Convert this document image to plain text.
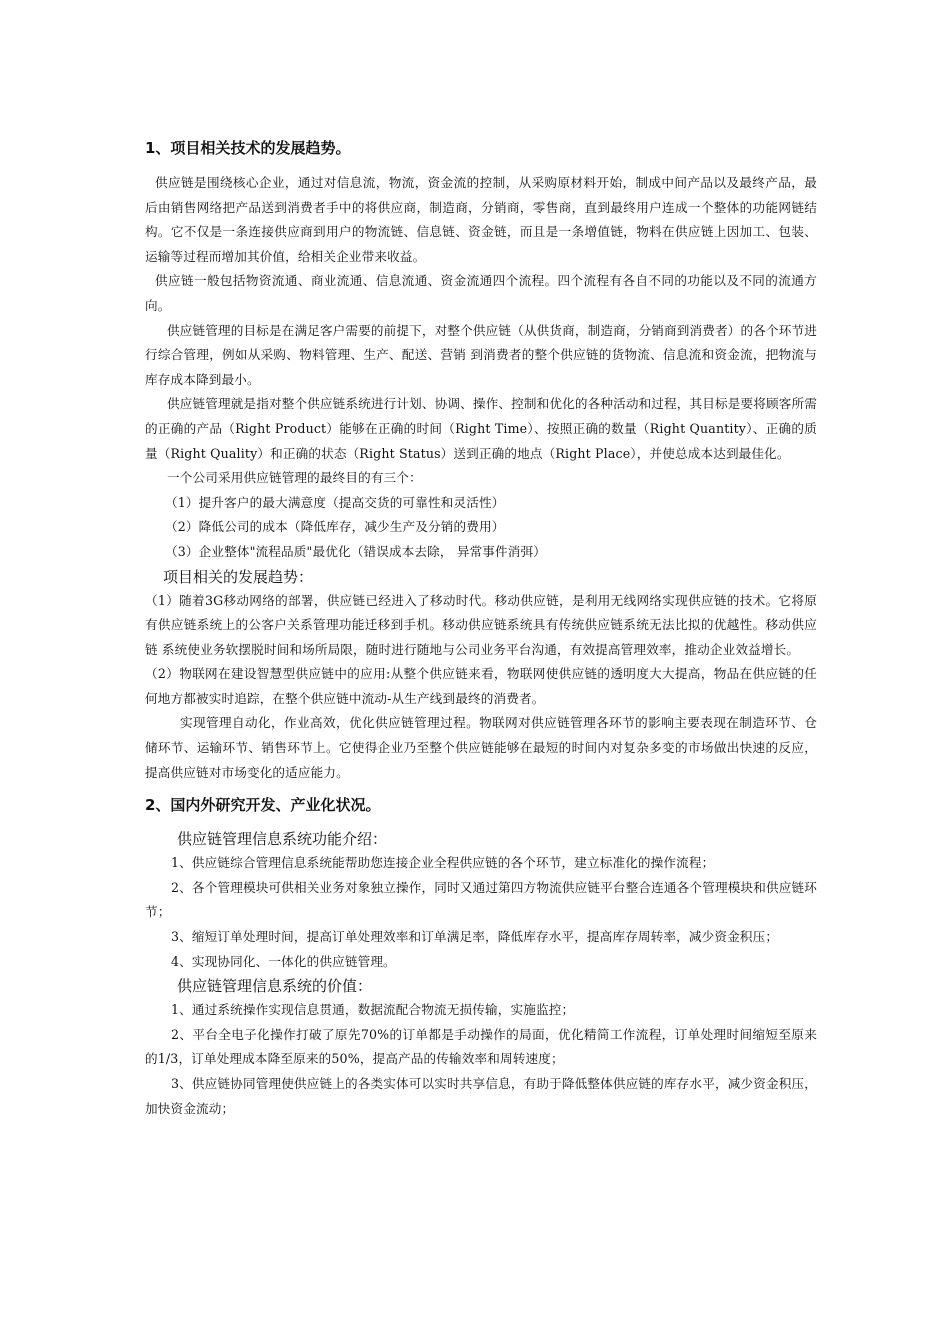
1、项目相关技术的发展趋势。

供应链是围绕核心企业，通过对信息流，物流，资金流的控制，从采购原材料开始，制成中间产品以及最终产品，最后由销售网络把产品送到消费者手中的将供应商，制造商，分销商，零售商，直到最终用户连成一个整体的功能网链结构。它不仅是一条连接供应商到用户的物流链、信息链、资金链，而且是一条增值链，物料在供应链上因加工、包装、运输等过程而增加其价值，给相关企业带来收益。

供应链一般包括物资流通、商业流通、信息流通、资金流通四个流程。四个流程有各自不同的功能以及不同的流通方向。

供应链管理的目标是在满足客户需要的前提下，对整个供应链（从供货商，制造商，分销商到消费者）的各个环节进行综合管理，例如从采购、物料管理、生产、配送、营销 到消费者的整个供应链的货物流、信息流和资金流，把物流与库存成本降到最小。

供应链管理就是指对整个供应链系统进行计划、协调、操作、控制和优化的各种活动和过程，其目标是要将顾客所需的正确的产品（Right Product）能够在正确的时间（Right Time）、按照正确的数量（Right Quantity）、正确的质量（Right Quality）和正确的状态（Right Status）送到正确的地点（Right Place），并使总成本达到最佳化。

一个公司采用供应链管理的最终目的有三个：

（1）提升客户的最大满意度（提高交货的可靠性和灵活性）

（2）降低公司的成本（降低库存，减少生产及分销的费用）

（3）企业整体"流程品质"最优化（错误成本去除， 异常事件消弭）

项目相关的发展趋势：

（1）随着3G移动网络的部署，供应链已经进入了移动时代。移动供应链，是利用无线网络实现供应链的技术。它将原有供应链系统上的公客户关系管理功能迁移到手机。移动供应链系统具有传统供应链系统无法比拟的优越性。移动供应链 系统使业务软摆脱时间和场所局限，随时进行随地与公司业务平台沟通，有效提高管理效率，推动企业效益增长。

（2）物联网在建设智慧型供应链中的应用:从整个供应链来看，物联网使供应链的透明度大大提高，物品在供应链的任何地方都被实时追踪，在整个供应链中流动-从生产线到最终的消费者。

实现管理自动化，作业高效，优化供应链管理过程。物联网对供应链管理各环节的影响主要表现在制造环节、仓储环节、运输环节、销售环节上。它使得企业乃至整个供应链能够在最短的时间内对复杂多变的市场做出快速的反应，提高供应链对市场变化的适应能力。

2、国内外研究开发、产业化状况。

供应链管理信息系统功能介绍：

1、供应链综合管理信息系统能帮助您连接企业全程供应链的各个环节，建立标准化的操作流程；

2、各个管理模块可供相关业务对象独立操作，同时又通过第四方物流供应链平台整合连通各个管理模块和供应链环节；

3、缩短订单处理时间，提高订单处理效率和订单满足率，降低库存水平，提高库存周转率，减少资金积压；

4、实现协同化、一体化的供应链管理。

供应链管理信息系统的价值：

1、通过系统操作实现信息贯通，数据流配合物流无损传输，实施监控；

2、平台全电子化操作打破了原先70%的订单都是手动操作的局面，优化精简工作流程，订单处理时间缩短至原来的1/3，订单处理成本降至原来的50%，提高产品的传输效率和周转速度；

3、供应链协同管理使供应链上的各类实体可以实时共享信息，有助于降低整体供应链的库存水平，减少资金积压，加快资金流动；
